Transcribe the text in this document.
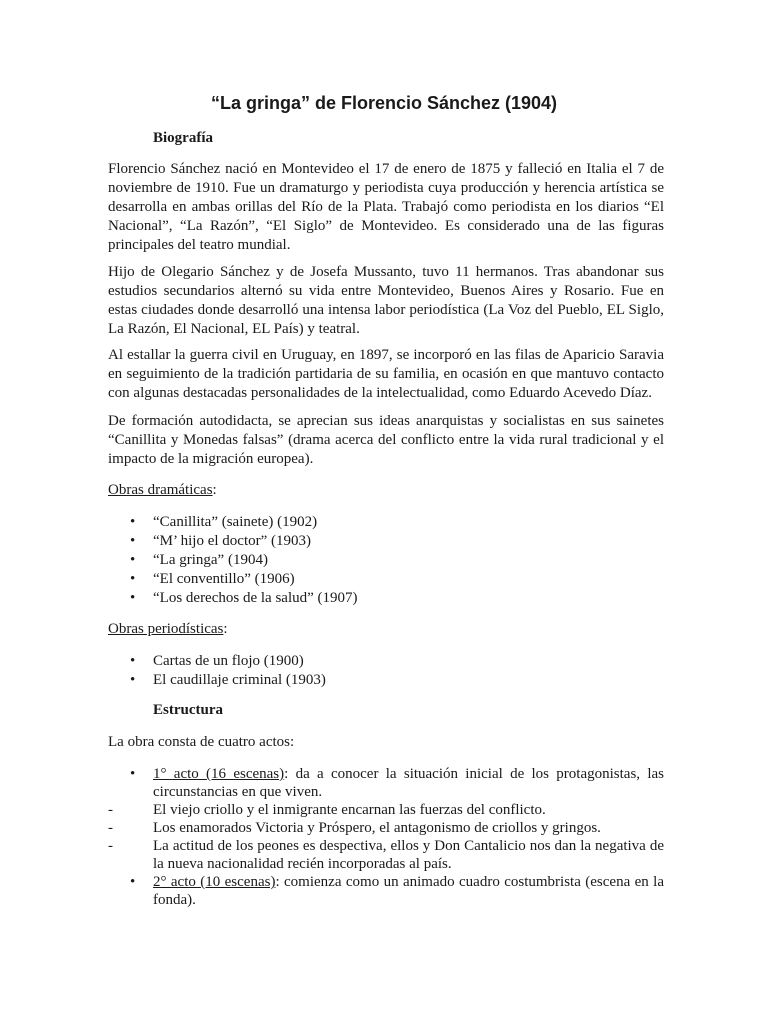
“La gringa” de Florencio Sánchez (1904)
Biografía

Florencio Sánchez nació en Montevideo el 17 de enero de 1875 y falleció en Italia el 7 de noviembre de 1910. Fue un dramaturgo y periodista cuya producción y herencia artística se desarrolla en ambas orillas del Río de la Plata. Trabajó como periodista en los diarios “El Nacional”, “La Razón”, “El Siglo” de Montevideo. Es considerado una de las figuras principales del teatro mundial.

Hijo de Olegario Sánchez y de Josefa Mussanto, tuvo 11 hermanos. Tras abandonar sus estudios secundarios alternó su vida entre Montevideo, Buenos Aires y Rosario. Fue en estas ciudades donde desarrolló una intensa labor periodística (La Voz del Pueblo, EL Siglo, La Razón, El Nacional, EL País) y teatral.

Al estallar la guerra civil en Uruguay, en 1897, se incorporó en las filas de Aparicio Saravia en seguimiento de la tradición partidaria de su familia, en ocasión en que mantuvo contacto con algunas destacadas personalidades de la intelectualidad, como Eduardo Acevedo Díaz.

De formación autodidacta, se aprecian sus ideas anarquistas y socialistas en sus sainetes “Canillita y Monedas falsas” (drama acerca del conflicto entre la vida rural tradicional y el impacto de la migración europea).

Obras dramáticas:

• “Canillita” (sainete) (1902)
• “M’ hijo el doctor” (1903)
• “La gringa” (1904)
• “El conventillo” (1906)
• “Los derechos de la salud” (1907)

Obras periodísticas:

• Cartas de un flojo (1900)
• El caudillaje criminal (1903)
Estructura

La obra consta de cuatro actos:

• 1° acto (16 escenas): da a conocer la situación inicial de los protagonistas, las circunstancias en que viven.
-	El viejo criollo y el inmigrante encarnan las fuerzas del conflicto.
-	Los enamorados Victoria y Próspero, el antagonismo de criollos y gringos.
-	La actitud de los peones es despectiva, ellos y Don Cantalicio nos dan la negativa de la nueva nacionalidad recién incorporadas al país.
• 2° acto (10 escenas): comienza como un animado cuadro costumbrista (escena en la fonda).
